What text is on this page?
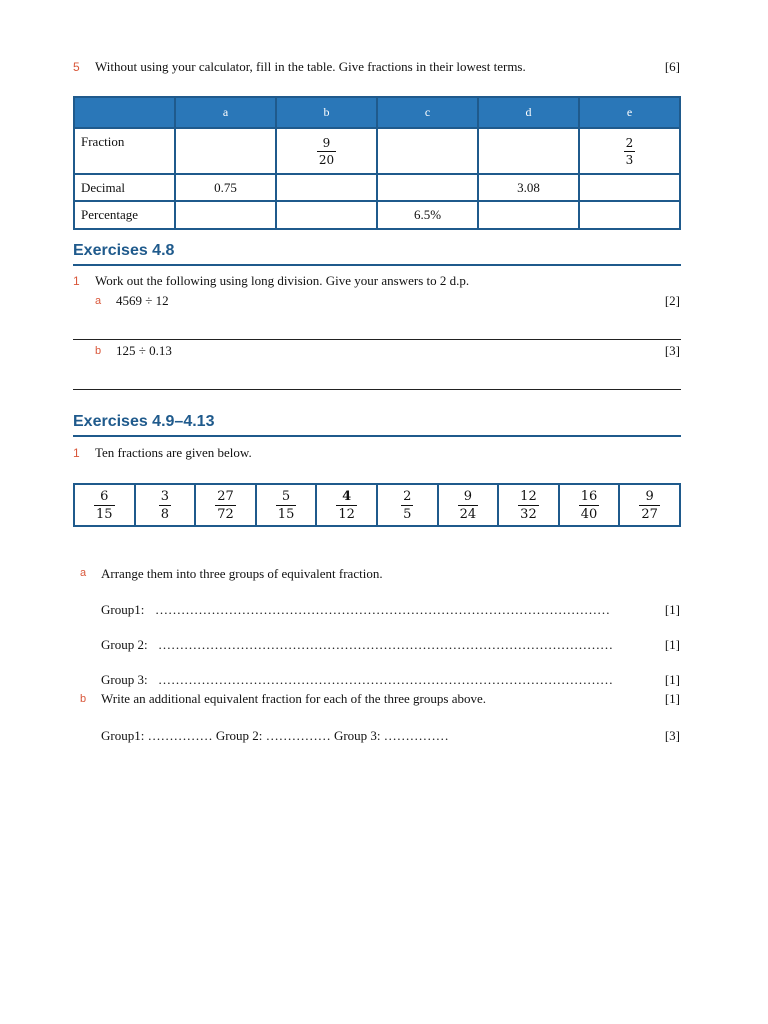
5 Without using your calculator, fill in the table. Give fractions in their lowest terms.	[6]
	a	b	c	d	e
Fraction		$\frac{9}{20}$			$\frac{2}{3}$

Decimal	0.75			3.08	
Percentage			6.5%		
Exercises 4.8
1 Work out the following using long division. Give your answers to 2 d.p.
a 4569 ÷ 12	[2]
b 125 ÷ 0.13	[3]
Exercises 4.9–4.13
1 Ten fractions are given below.
$\frac{6}{15}$	$\frac{3}{8}$	$\frac{27}{72}$	$\frac{5}{15}$	$\frac{4}{12}$	$\frac{2}{5}$	$\frac{9}{24}$	$\frac{12}{32}$	$\frac{16}{40}$	$\frac{9}{27}$
a Arrange them into three groups of equivalent fraction.
Group1: ……………………………………………………………………………………………	[1]
Group 2: ……………………………………………………………………………………………	[1]
Group 3: ……………………………………………………………………………………………	[1]
b Write an additional equivalent fraction for each of the three groups above.	[1]
Group1: …………… Group 2: …………… Group 3: ……………	[3]
